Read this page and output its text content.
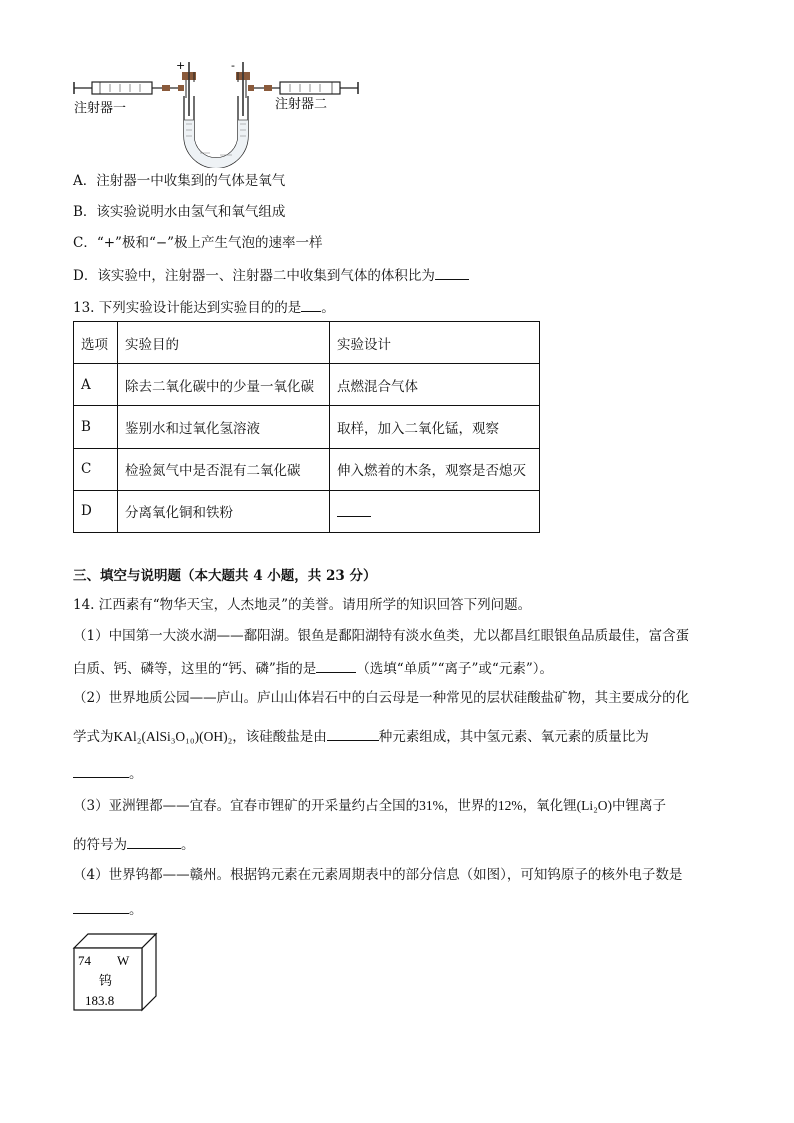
+	-
注射器一	注射器二
A．注射器一中收集到的气体是氧气
B．该实验说明水由氢气和氧气组成
C．“+”极和“−”极上产生气泡的速率一样
D．该实验中，注射器一、注射器二中收集到气体的体积比为
13. 下列实验设计能达到实验目的的是 。
选项	实验目的	实验设计
A	除去二氧化碳中的少量一氧化碳	点燃混合气体
B	鉴别水和过氧化氢溶液	取样，加入二氧化锰，观察
C	检验氮气中是否混有二氧化碳	伸入燃着的木条，观察是否熄灭
D	分离氧化铜和铁粉	
三、填空与说明题（本大题共 4 小题，共 23 分）
14. 江西素有“物华天宝，人杰地灵”的美誉。请用所学的知识回答下列问题。
（1）中国第一大淡水湖——鄱阳湖。银鱼是鄱阳湖特有淡水鱼类，尤以都昌红眼银鱼品质最佳，富含蛋
白质、钙、磷等，这里的“钙、磷”指的是	（选填“单质”“离子”或“元素”）。
（2）世界地质公园——庐山。庐山山体岩石中的白云母是一种常见的层状硅酸盐矿物，其主要成分的化
学式为KAl₂(AlSi₃O₁₀)(OH)₂，该硅酸盐是由	种元素组成，其中氢元素、氧元素的质量比为
。
（3）亚洲锂都——宜春。宜春市锂矿的开采量约占全国的31%，世界的12%，氧化锂(Li₂O)中锂离子
的符号为	。
（4）世界钨都——赣州。根据钨元素在元素周期表中的部分信息（如图），可知钨原子的核外电子数是
。
74 W
钨
183.8
